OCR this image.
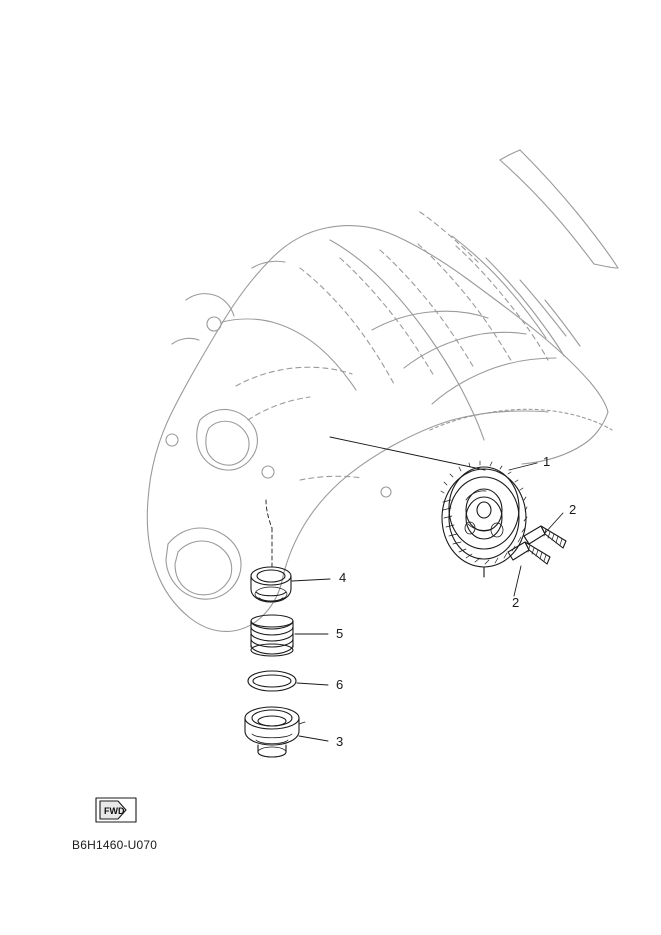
FWD
1
2
2
3
4
5
6
B6H1460-U070
